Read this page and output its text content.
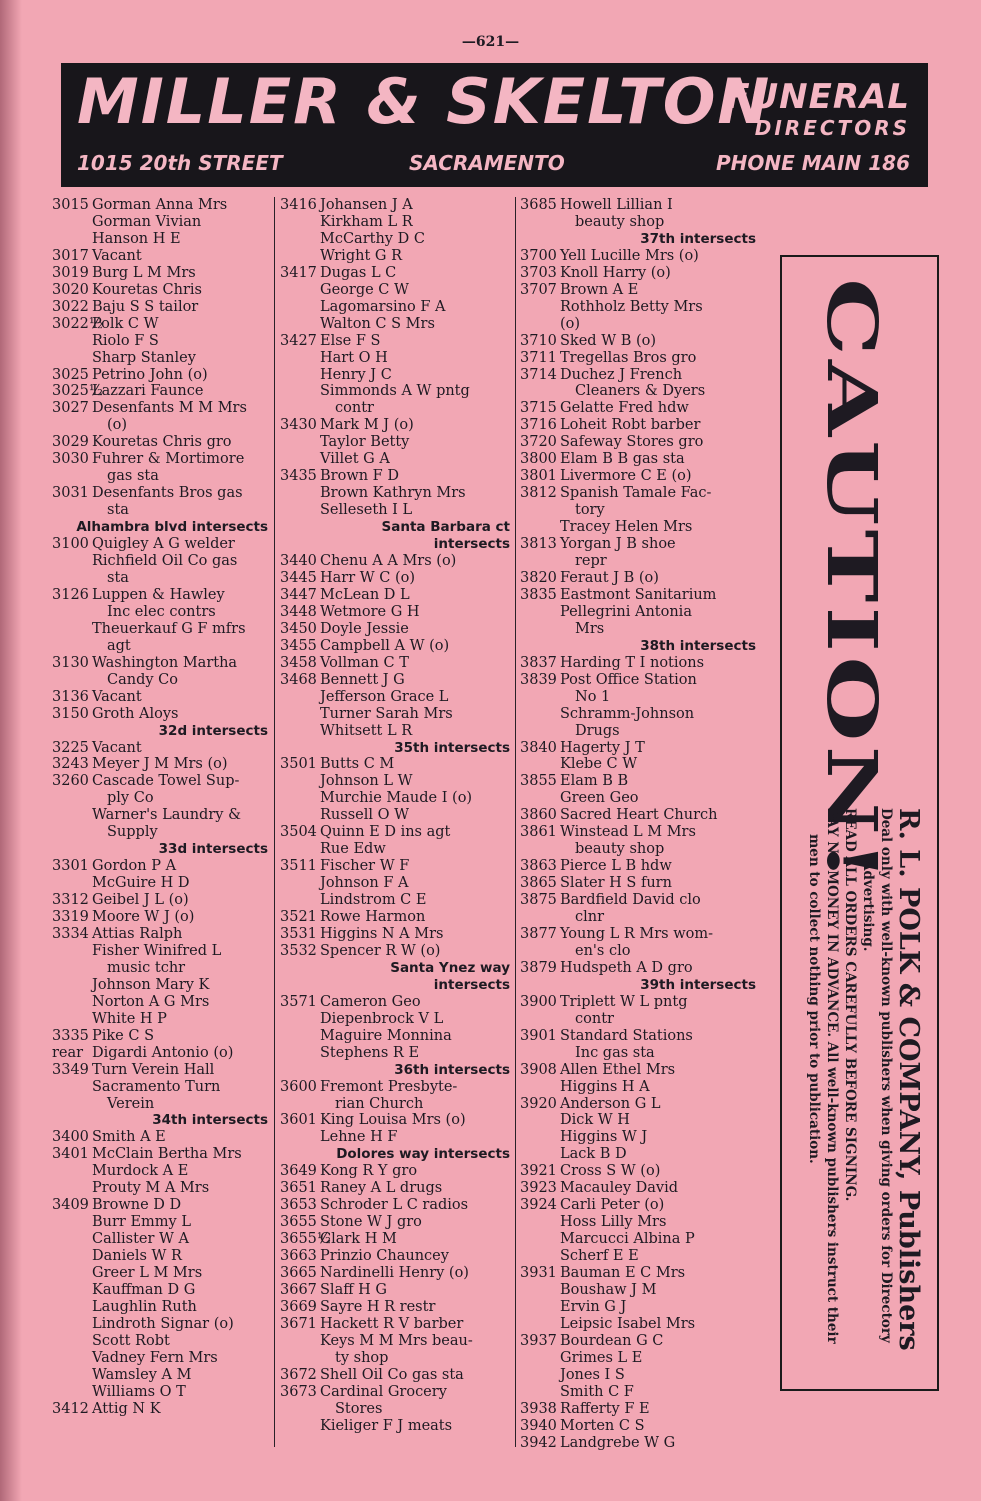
—621—
MILLER & SKELTON
FUNERAL
DIRECTORS
1015 20th STREET	SACRAMENTO	PHONE MAIN 186
3015 Gorman Anna Mrs
Gorman Vivian
Hanson H E
3017 Vacant
3019 Burg L M Mrs
3020 Kouretas Chris
3022 Baju S S tailor
3022½
Polk C W
Riolo F S
Sharp Stanley
3025 Petrino John (o)
3025½
Lazzari Faunce
3027 Desenfants M M Mrs
(o)
3029 Kouretas Chris gro
3030 Fuhrer & Mortimore
gas sta
3031 Desenfants Bros gas
sta
Alhambra blvd intersects
3100 Quigley A G welder
Richfield Oil Co gas
sta
3126 Luppen & Hawley
Inc elec contrs
Theuerkauf G F mfrs
agt
3130 Washington Martha
Candy Co
3136 Vacant
3150 Groth Aloys
32d intersects
3225 Vacant
3243 Meyer J M Mrs (o)
3260 Cascade Towel Sup-
ply Co
Warner's Laundry &
Supply
33d intersects
3301 Gordon P A
McGuire H D
3312 Geibel J L (o)
3319 Moore W J (o)
3334 Attias Ralph
Fisher Winifred L
music tchr
Johnson Mary K
Norton A G Mrs
White H P
3335 Pike C S
rear Digardi Antonio (o)
3349 Turn Verein Hall
Sacramento Turn
Verein
34th intersects
3400 Smith A E
3401 McClain Bertha Mrs
Murdock A E
Prouty M A Mrs
3409 Browne D D
Burr Emmy L
Callister W A
Daniels W R
Greer L M Mrs
Kauffman D G
Laughlin Ruth
Lindroth Signar (o)
Scott Robt
Vadney Fern Mrs
Wamsley A M
Williams O T
3412 Attig N K
3416 Johansen J A
Kirkham L R
McCarthy D C
Wright G R
3417 Dugas L C
George C W
Lagomarsino F A
Walton C S Mrs
3427 Else F S
Hart O H
Henry J C
Simmonds A W pntg
contr
3430 Mark M J (o)
Taylor Betty
Villet G A
3435 Brown F D
Brown Kathryn Mrs
Selleseth I L
Santa Barbara ct
intersects
3440 Chenu A A Mrs (o)
3445 Harr W C (o)
3447 McLean D L
3448 Wetmore G H
3450 Doyle Jessie
3455 Campbell A W (o)
3458 Vollman C T
3468 Bennett J G
Jefferson Grace L
Turner Sarah Mrs
Whitsett L R
35th intersects
3501 Butts C M
Johnson L W
Murchie Maude I (o)
Russell O W
3504 Quinn E D ins agt
Rue Edw
3511 Fischer W F
Johnson F A
Lindstrom C E
3521 Rowe Harmon
3531 Higgins N A Mrs
3532 Spencer R W (o)
Santa Ynez way
intersects
3571 Cameron Geo
Diepenbrock V L
Maguire Monnina
Stephens R E
36th intersects
3600 Fremont Presbyte-
rian Church
3601 King Louisa Mrs (o)
Lehne H F
Dolores way intersects
3649 Kong R Y gro
3651 Raney A L drugs
3653 Schroder L C radios
3655 Stone W J gro
3655½
Clark H M
3663 Prinzio Chauncey
3665 Nardinelli Henry (o)
3667 Slaff H G
3669 Sayre H R restr
3671 Hackett R V barber
Keys M M Mrs beau-
ty shop
3672 Shell Oil Co gas sta
3673 Cardinal Grocery
Stores
Kieliger F J meats
3685 Howell Lillian I
beauty shop
37th intersects
3700 Yell Lucille Mrs (o)
3703 Knoll Harry (o)
3707 Brown A E
Rothholz Betty Mrs
(o)
3710 Sked W B (o)
3711 Tregellas Bros gro
3714 Duchez J French
Cleaners & Dyers
3715 Gelatte Fred hdw
3716 Loheit Robt barber
3720 Safeway Stores gro
3800 Elam B B gas sta
3801 Livermore C E (o)
3812 Spanish Tamale Fac-
tory
Tracey Helen Mrs
3813 Yorgan J B shoe
repr
3820 Feraut J B (o)
3835 Eastmont Sanitarium
Pellegrini Antonia
Mrs
38th intersects
3837 Harding T I notions
3839 Post Office Station
No 1
Schramm-Johnson
Drugs
3840 Hagerty J T
Klebe C W
3855 Elam B B
Green Geo
3860 Sacred Heart Church
3861 Winstead L M Mrs
beauty shop
3863 Pierce L B hdw
3865 Slater H S furn
3875 Bardfield David clo
clnr
3877 Young L R Mrs wom-
en's clo
3879 Hudspeth A D gro
39th intersects
3900 Triplett W L pntg
contr
3901 Standard Stations
Inc gas sta
3908 Allen Ethel Mrs
Higgins H A
3920 Anderson G L
Dick W H
Higgins W J
Lack B D
3921 Cross S W (o)
3923 Macauley David
3924 Carli Peter (o)
Hoss Lilly Mrs
Marcucci Albina P
Scherf E E
3931 Bauman E C Mrs
Boushaw J M
Ervin G J
Leipsic Isabel Mrs
3937 Bourdean G C
Grimes L E
Jones I S
Smith C F
3938 Rafferty F E
3940 Morten C S
3942 Landgrebe W G
CAUTION!
R. L. POLK & COMPANY, Publishers
Deal only with well-known publishers when giving orders for Directory
Advertising.
READ ALL ORDERS CAREFULLY BEFORE SIGNING.
PAY NO MONEY IN ADVANCE. All well-known publishers instruct their
men to collect nothing prior to publication.
